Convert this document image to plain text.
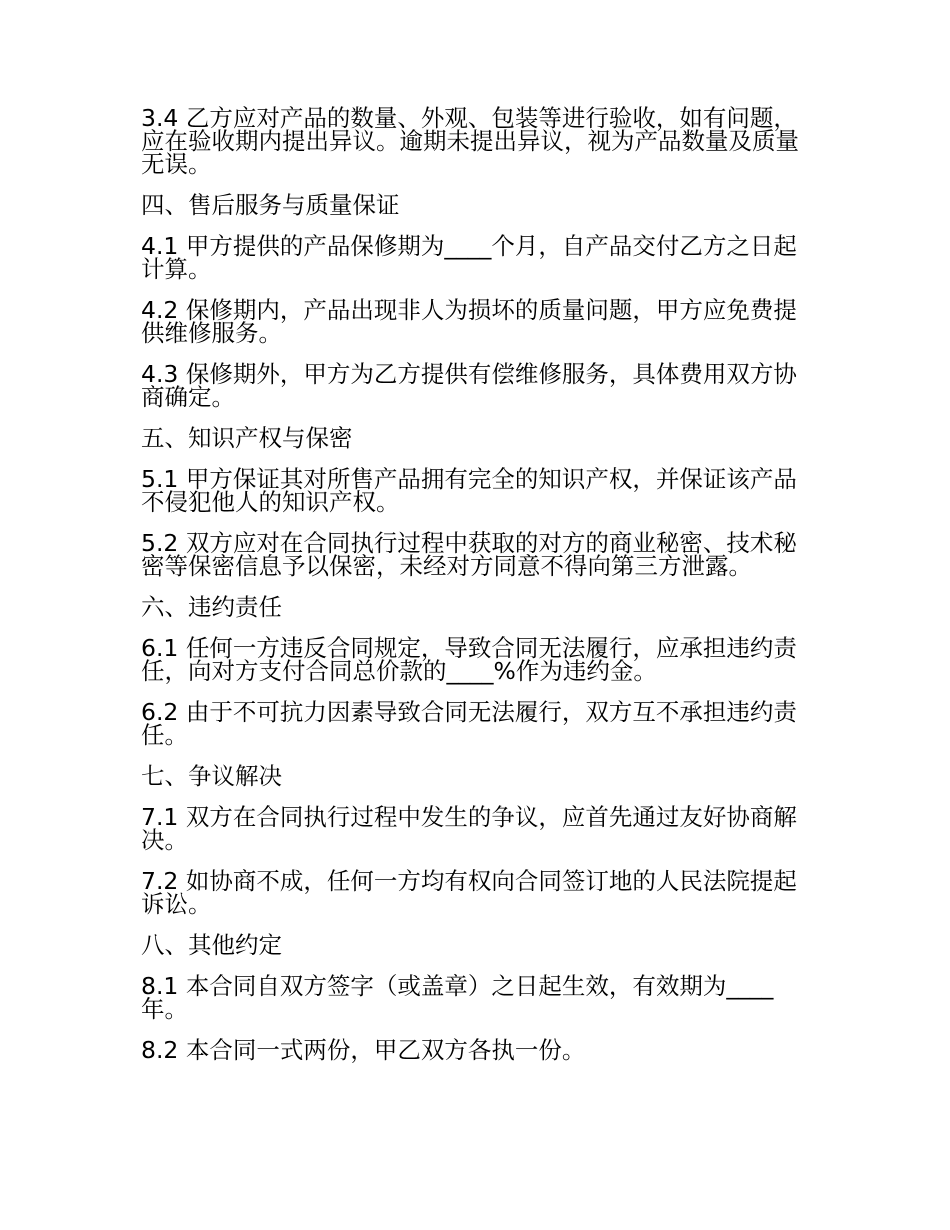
3.4 乙方应对产品的数量、外观、包装等进行验收，如有问题，应在验收期内提出异议。逾期未提出异议，视为产品数量及质量无误。

四、售后服务与质量保证

4.1 甲方提供的产品保修期为____个月，自产品交付乙方之日起计算。

4.2 保修期内，产品出现非人为损坏的质量问题，甲方应免费提供维修服务。

4.3 保修期外，甲方为乙方提供有偿维修服务，具体费用双方协商确定。

五、知识产权与保密

5.1 甲方保证其对所售产品拥有完全的知识产权，并保证该产品不侵犯他人的知识产权。

5.2 双方应对在合同执行过程中获取的对方的商业秘密、技术秘密等保密信息予以保密，未经对方同意不得向第三方泄露。

六、违约责任

6.1 任何一方违反合同规定，导致合同无法履行，应承担违约责任，向对方支付合同总价款的____%作为违约金。

6.2 由于不可抗力因素导致合同无法履行，双方互不承担违约责任。

七、争议解决

7.1 双方在合同执行过程中发生的争议，应首先通过友好协商解决。

7.2 如协商不成，任何一方均有权向合同签订地的人民法院提起诉讼。

八、其他约定

8.1 本合同自双方签字（或盖章）之日起生效，有效期为____年。

8.2 本合同一式两份，甲乙双方各执一份。
